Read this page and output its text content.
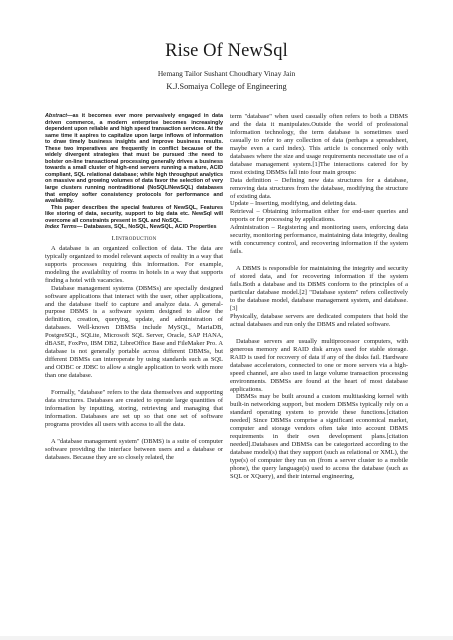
Rise Of NewSql
Hemang Tailor Sushant Choudhary Vinay Jain
K.J.Somaiya College of Engineering

Abstract—as it becomes ever more pervasively engaged in data driven commerce, a modern enterprise becomes increasingly dependent upon reliable and high speed transaction services. At the same time it aspires to capitalize upon large inflows of information to draw timely business insights and improve business results. These two imperatives are frequently in conflict because of the widely divergent strategies that must be pursued :the need to bolster on-line transactional processing generally drives a business towards a small cluster of high-end servers running a mature, ACID compliant, SQL relational database; while high throughput analytics on massive and growing volumes of data favor the selection of very large clusters running nontraditional (NoSQL/NewSQL) databases that employ softer consistency protocols for performance and availability.

This paper describes the special features of NewSQL, Features like storing of data, security, support to big data etc. NewSql will overcome all constraints present in SQL and NoSQL.

Index Terms— Databases, SQL, NoSQL, NewSQL, ACID Properties

I.Introduction

A database is an organized collection of data. The data are typically organized to model relevant aspects of reality in a way that supports processes requiring this information. For example, modeling the availability of rooms in hotels in a way that supports finding a hotel with vacancies.

Database management systems (DBMSs) are specially designed software applications that interact with the user, other applications, and the database itself to capture and analyze data. A general-purpose DBMS is a software system designed to allow the definition, creation, querying, update, and administration of databases. Well-known DBMSs include MySQL, MariaDB, PostgreSQL, SQLite, Microsoft SQL Server, Oracle, SAP HANA, dBASE, FoxPro, IBM DB2, LibreOffice Base and FileMaker Pro. A database is not generally portable across different DBMSs, but different DBMSs can interoperate by using standards such as SQL and ODBC or JDBC to allow a single application to work with more than one database.

Formally, "database" refers to the data themselves and supporting data structures. Databases are created to operate large quantities of information by inputting, storing, retrieving and managing that information. Databases are set up so that one set of software programs provides all users with access to all the data.

A "database management system" (DBMS) is a suite of computer software providing the interface between users and a database or databases. Because they are so closely related, the

term "database" when used casually often refers to both a DBMS and the data it manipulates.Outside the world of professional information technology, the term database is sometimes used casually to refer to any collection of data (perhaps a spreadsheet, maybe even a card index). This article is concerned only with databases where the size and usage requirements necessitate use of a database management system.[1]The interactions catered for by most existing DBMSs fall into four main groups:

Data definition – Defining new data structures for a database, removing data structures from the database, modifying the structure of existing data.

Update – Inserting, modifying, and deleting data.

Retrieval – Obtaining information either for end-user queries and reports or for processing by applications.

Administration – Registering and monitoring users, enforcing data security, monitoring performance, maintaining data integrity, dealing with concurrency control, and recovering information if the system fails.

A DBMS is responsible for maintaining the integrity and security of stored data, and for recovering information if the system fails.Both a database and its DBMS conform to the principles of a particular database model.[2] "Database system" refers collectively to the database model, database management system, and database.[3]

Physically, database servers are dedicated computers that hold the actual databases and run only the DBMS and related software.

Database servers are usually multiprocessor computers, with generous memory and RAID disk arrays used for stable storage. RAID is used for recovery of data if any of the disks fail. Hardware database accelerators, connected to one or more servers via a high-speed channel, are also used in large volume transaction processing environments. DBMSs are found at the heart of most database applications.

DBMSs may be built around a custom multitasking kernel with built-in networking support, but modern DBMSs typically rely on a standard operating system to provide these functions.[citation needed] Since DBMSs comprise a significant economical market, computer and storage vendors often take into account DBMS requirements in their own development plans.[citation needed].Databases and DBMSs can be categorized according to the database model(s) that they support (such as relational or XML), the type(s) of computer they run on (from a server cluster to a mobile phone), the query language(s) used to access the database (such as SQL or XQuery), and their internal engineering,
